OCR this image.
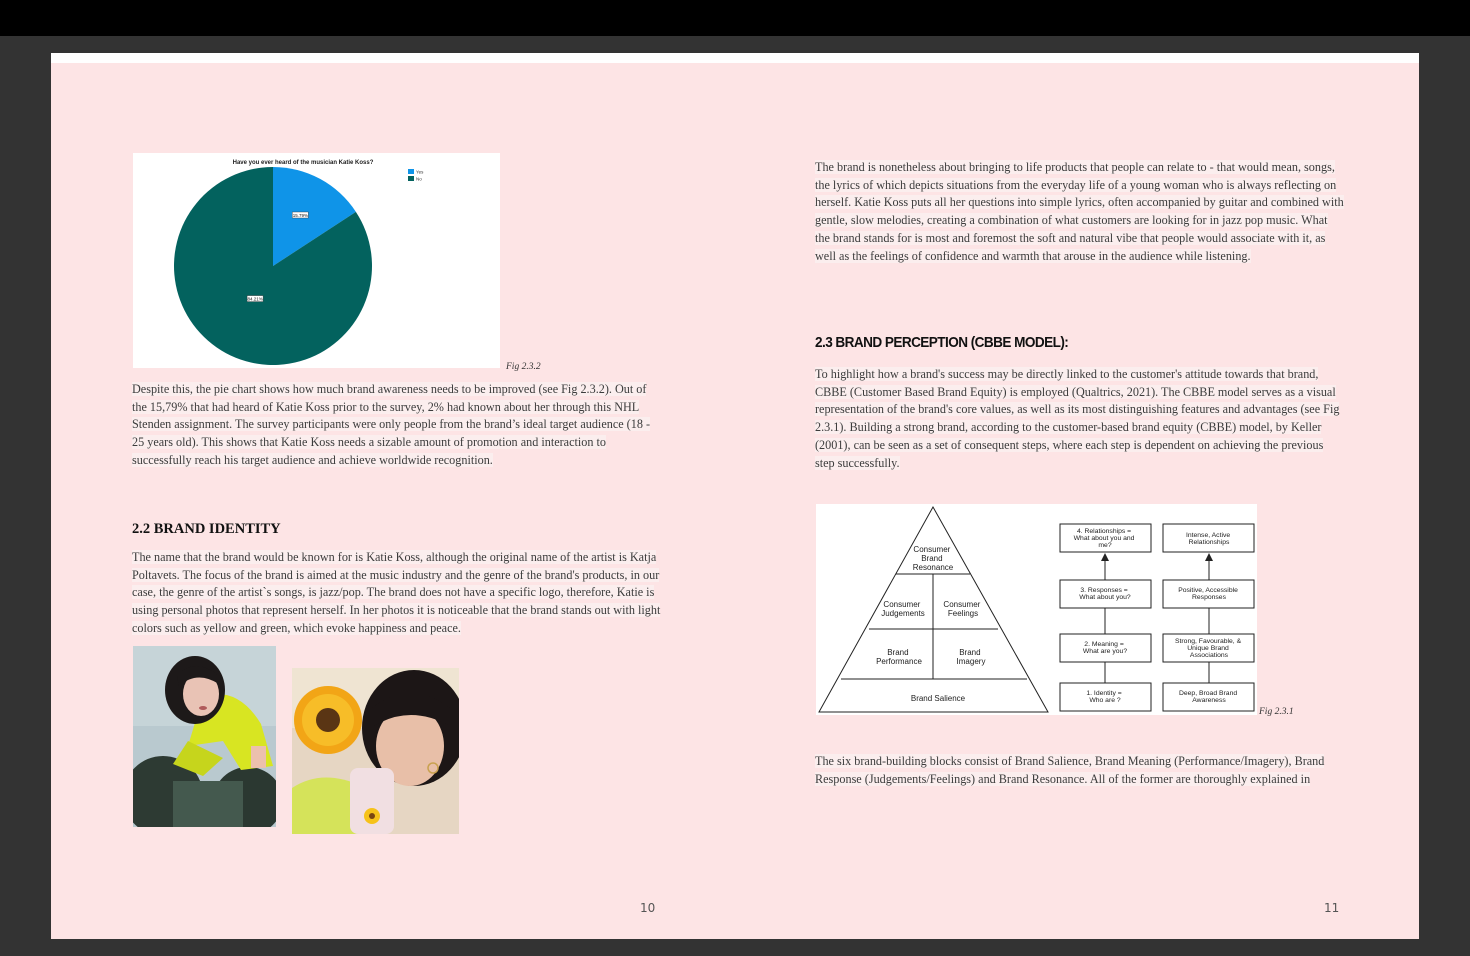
Have you ever heard of the musician Katie Koss?
15.79%
84.21%
Yes
No
Fig 2.3.2

Despite this, the pie chart shows how much brand awareness needs to be improved (see Fig 2.3.2). Out of the 15,79% that had heard of Katie Koss prior to the survey, 2% had known about her through this NHL Stenden assignment. The survey participants were only people from the brand’s ideal target audience (18 - 25 years old). This shows that Katie Koss needs a sizable amount of promotion and interaction to successfully reach his target audience and achieve worldwide recognition.

2.2 BRAND IDENTITY

The name that the brand would be known for is Katie Koss, although the original name of the artist is Katja Poltavets. The focus of the brand is aimed at the music industry and the genre of the brand's products, in our case, the genre of the artist`s songs, is jazz/pop. The brand does not have a specific logo, therefore, Katie is using personal photos that represent herself. In her photos it is noticeable that the brand stands out with light colors such as yellow and green, which evoke happiness and peace.

10

The brand is nonetheless about bringing to life products that people can relate to - that would mean, songs, the lyrics of which depicts situations from the everyday life of a young woman who is always reflecting on herself. Katie Koss puts all her questions into simple lyrics, often accompanied by guitar and combined with gentle, slow melodies, creating a combination of what customers are looking for in jazz pop music. What the brand stands for is most and foremost the soft and natural vibe that people would associate with it, as well as the feelings of confidence and warmth that arouse in the audience while listening.

2.3 BRAND PERCEPTION (CBBE MODEL):

To highlight how a brand's success may be directly linked to the customer's attitude towards that brand, CBBE (Customer Based Brand Equity) is employed (Qualtrics, 2021). The CBBE model serves as a visual representation of the brand's core values, as well as its most distinguishing features and advantages (see Fig 2.3.1). Building a strong brand, according to the customer-based brand equity (CBBE) model, by Keller (2001), can be seen as a set of consequent steps, where each step is dependent on achieving the previous step successfully.

Consumer Brand Resonance
Consumer Judgements
Consumer Feelings
Brand Performance
Brand Imagery
Brand Salience
4. Relationships = What about you and me?
3. Responses = What about you?
2. Meaning = What are you?
1. Identity = Who are ?
Intense, Active Relationships
Positive, Accessible Responses
Strong, Favourable, & Unique Brand Associations
Deep, Broad Brand Awareness
Fig 2.3.1

The six brand-building blocks consist of Brand Salience, Brand Meaning (Performance/Imagery), Brand Response (Judgements/Feelings) and Brand Resonance. All of the former are thoroughly explained in

11
